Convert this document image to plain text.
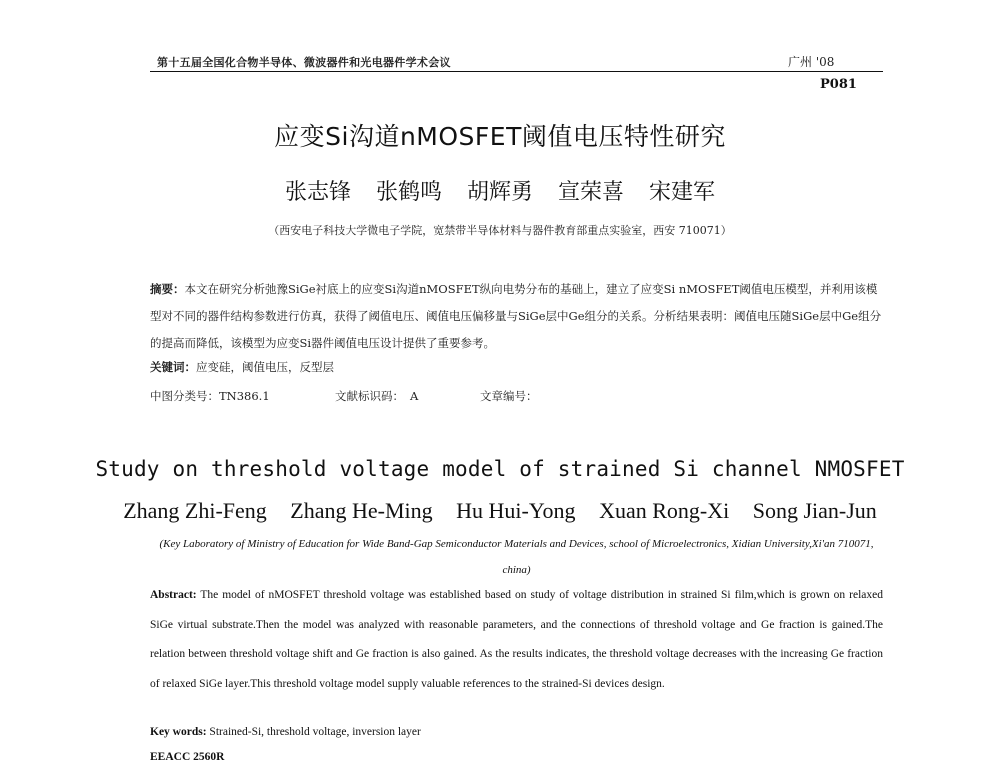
第十五届全国化合物半导体、微波器件和光电器件学术会议	广州 '08
P081
应变Si沟道nMOSFET阈值电压特性研究
张志锋 张鹤鸣 胡辉勇 宣荣喜 宋建军
（西安电子科技大学微电子学院，宽禁带半导体材料与器件教育部重点实验室，西安 710071）

摘要：本文在研究分析弛豫SiGe衬底上的应变Si沟道nMOSFET纵向电势分布的基础上，建立了应变Si nMOSFET阈值电压模型，并利用该模型对不同的器件结构参数进行仿真，获得了阈值电压、阈值电压偏移量与SiGe层中Ge组分的关系。分析结果表明：阈值电压随SiGe层中Ge组分的提高而降低，该模型为应变Si器件阈值电压设计提供了重要参考。

关键词：应变硅，阈值电压，反型层
中图分类号：TN386.1	文献标识码： A	文章编号：
Study on threshold voltage model of strained Si channel NMOSFET
Zhang Zhi-Feng Zhang He-Ming Hu Hui-Yong Xuan Rong-Xi Song Jian-Jun
(Key Laboratory of Ministry of Education for Wide Band-Gap Semiconductor Materials and Devices, school of Microelectronics, Xidian University,Xi'an 710071, china)

Abstract: The model of nMOSFET threshold voltage was established based on study of voltage distribution in strained Si film,which is grown on relaxed SiGe virtual substrate.Then the model was analyzed with reasonable parameters, and the connections of threshold voltage and Ge fraction is gained.The relation between threshold voltage shift and Ge fraction is also gained. As the results indicates, the threshold voltage decreases with the increasing Ge fraction of relaxed SiGe layer.This threshold voltage model supply valuable references to the strained-Si devices design.

Key words: Strained-Si, threshold voltage, inversion layer
EEACC 2560R
